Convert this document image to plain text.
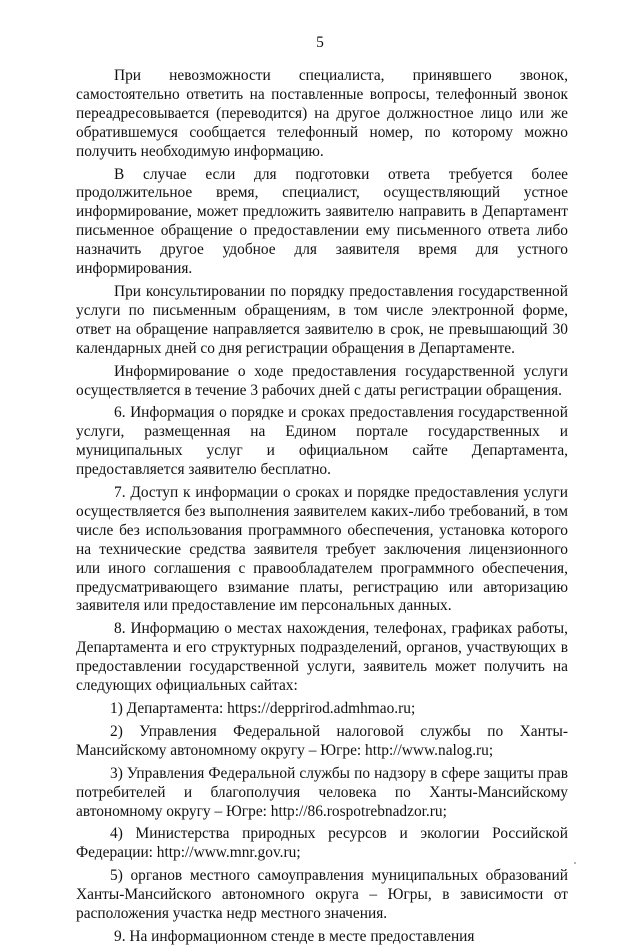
5

При невозможности специалиста, принявшего звонок, самостоятельно ответить на поставленные вопросы, телефонный звонок переадресовывается (переводится) на другое должностное лицо или же обратившемуся сообщается телефонный номер, по которому можно получить необходимую информацию.

В случае если для подготовки ответа требуется более продолжительное время, специалист, осуществляющий устное информирование, может предложить заявителю направить в Департамент письменное обращение о предоставлении ему письменного ответа либо назначить другое удобное для заявителя время для устного информирования.

При консультировании по порядку предоставления государственной услуги по письменным обращениям, в том числе электронной форме, ответ на обращение направляется заявителю в срок, не превышающий 30 календарных дней со дня регистрации обращения в Департаменте.

Информирование о ходе предоставления государственной услуги осуществляется в течение 3 рабочих дней с даты регистрации обращения.

6. Информация о порядке и сроках предоставления государственной услуги, размещенная на Едином портале государственных и муниципальных услуг и официальном сайте Департамента, предоставляется заявителю бесплатно.

7. Доступ к информации о сроках и порядке предоставления услуги осуществляется без выполнения заявителем каких-либо требований, в том числе без использования программного обеспечения, установка которого на технические средства заявителя требует заключения лицензионного или иного соглашения с правообладателем программного обеспечения, предусматривающего взимание платы, регистрацию или авторизацию заявителя или предоставление им персональных данных.

8. Информацию о местах нахождения, телефонах, графиках работы, Департамента и его структурных подразделений, органов, участвующих в предоставлении государственной услуги, заявитель может получить на следующих официальных сайтах:

1) Департамента: https://depprirod.admhmao.ru;

2) Управления Федеральной налоговой службы по Ханты-Мансийскому автономному округу – Югре: http://www.nalog.ru;

3) Управления Федеральной службы по надзору в сфере защиты прав потребителей и благополучия человека по Ханты-Мансийскому автономному округу – Югре: http://86.rospotrebnadzor.ru;

4) Министерства природных ресурсов и экологии Российской Федерации: http://www.mnr.gov.ru;

5) органов местного самоуправления муниципальных образований Ханты-Мансийского автономного округа – Югры, в зависимости от расположения участка недр местного значения.

9. На информационном стенде в месте предоставления
